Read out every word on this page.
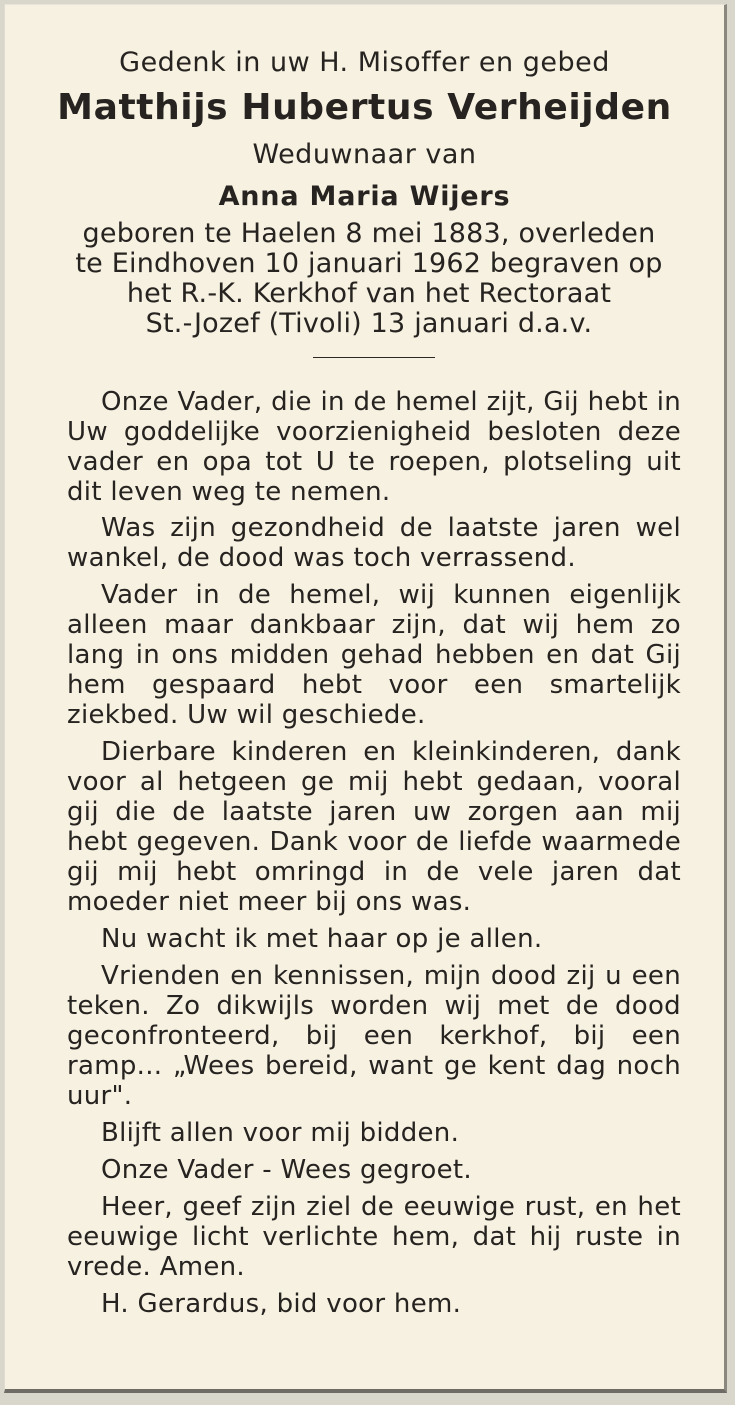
Gedenk in uw H. Misoffer en gebed
Matthijs Hubertus Verheijden
Weduwnaar van
Anna Maria Wijers
geboren te Haelen 8 mei 1883, overleden
te Eindhoven 10 januari 1962 begraven op
het R.-K. Kerkhof van het Rectoraat
St.-Jozef (Tivoli) 13 januari d.a.v.

Onze Vader, die in de hemel zijt, Gij hebt in Uw goddelijke voorzienigheid besloten deze vader en opa tot U te roepen, plotseling uit dit leven weg te nemen.

Was zijn gezondheid de laatste jaren wel wankel, de dood was toch verrassend.

Vader in de hemel, wij kunnen eigenlijk alleen maar dankbaar zijn, dat wij hem zo lang in ons midden gehad hebben en dat Gij hem gespaard hebt voor een smartelijk ziekbed. Uw wil geschiede.

Dierbare kinderen en kleinkinderen, dank voor al hetgeen ge mij hebt gedaan, vooral gij die de laatste jaren uw zorgen aan mij hebt gegeven. Dank voor de liefde waarmede gij mij hebt omringd in de vele jaren dat moeder niet meer bij ons was.

Nu wacht ik met haar op je allen.

Vrienden en kennissen, mijn dood zij u een teken. Zo dikwijls worden wij met de dood geconfronteerd, bij een kerkhof, bij een ramp... „Wees bereid, want ge kent dag noch uur".

Blijft allen voor mij bidden.

Onze Vader - Wees gegroet.

Heer, geef zijn ziel de eeuwige rust, en het eeuwige licht verlichte hem, dat hij ruste in vrede. Amen.

H. Gerardus, bid voor hem.
